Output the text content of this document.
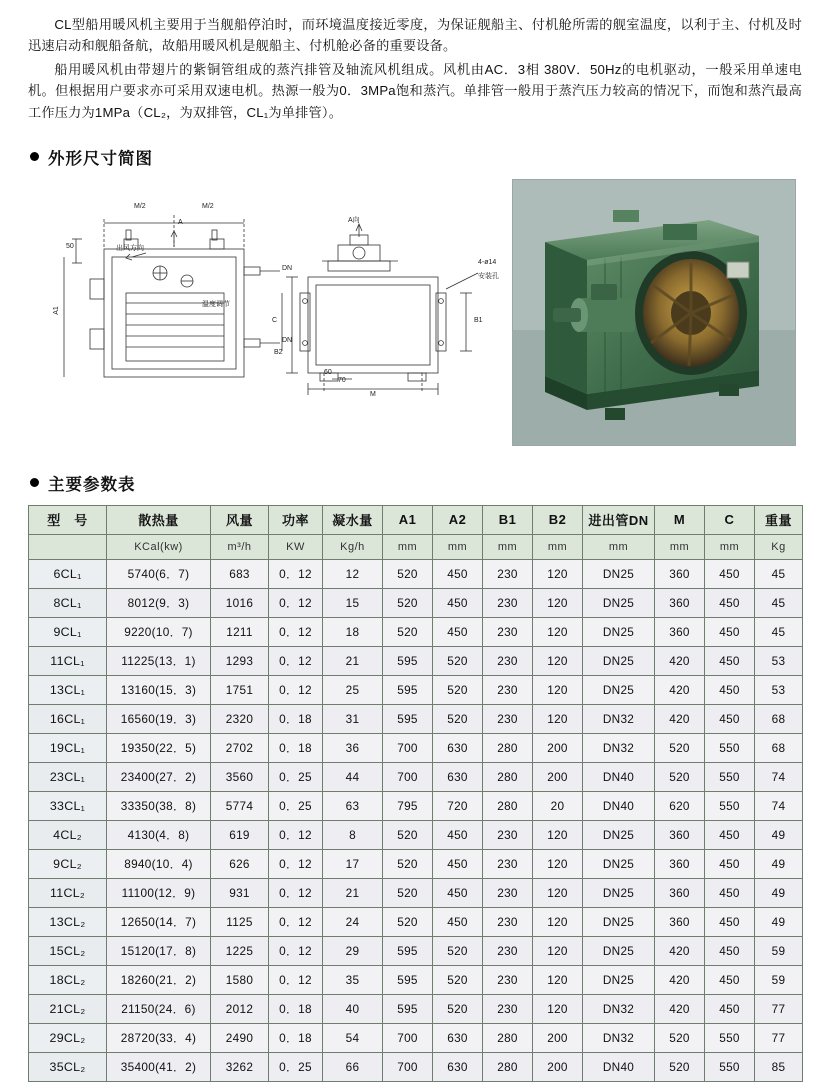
CL型船用暖风机主要用于当舰船停泊时，而环境温度接近零度，为保证舰船主、付机舱所需的舰室温度，以利于主、付机及时迅速启动和舰船备航，故船用暖风机是舰船主、付机舱必备的重要设备。

船用暖风机由带翅片的紫铜管组成的蒸汽排管及轴流风机组成。风机由AC．3相 380V．50Hz的电机驱动，一般采用单速电机。但根据用户要求亦可采用双速电机。热源一般为0．3MPa饱和蒸汽。单排管一般用于蒸汽压力较高的情况下，而饱和蒸汽最高工作压力为1MPa（CL₂，为双排管，CL₁为单排管）。

外形尺寸简图
M/2	M/2
A
出风方向
50
A1
DN
DN
温度调节
A向
4-ø14
安装孔
C
B2
B1
M
60
70
主要参数表
型　号	散热量	风量	功率	凝水量	A1	A2	B1	B2	进出管DN	M	C	重量
	KCal(kw)	m³/h	KW	Kg/h	mm	mm	mm	mm	mm	mm	mm	Kg
6CL₁	5740(6．7)	683	0．12	12	520	450	230	120	DN25	360	450	45
8CL₁	8012(9．3)	1016	0．12	15	520	450	230	120	DN25	360	450	45
9CL₁	9220(10．7)	1211	0．12	18	520	450	230	120	DN25	360	450	45
11CL₁	11225(13．1)	1293	0．12	21	595	520	230	120	DN25	420	450	53
13CL₁	13160(15．3)	1751	0．12	25	595	520	230	120	DN25	420	450	53
16CL₁	16560(19．3)	2320	0．18	31	595	520	230	120	DN32	420	450	68
19CL₁	19350(22．5)	2702	0．18	36	700	630	280	200	DN32	520	550	68
23CL₁	23400(27．2)	3560	0．25	44	700	630	280	200	DN40	520	550	74
33CL₁	33350(38．8)	5774	0．25	63	795	720	280	20	DN40	620	550	74
4CL₂	4130(4．8)	619	0．12	8	520	450	230	120	DN25	360	450	49
9CL₂	8940(10．4)	626	0．12	17	520	450	230	120	DN25	360	450	49
11CL₂	11100(12．9)	931	0．12	21	520	450	230	120	DN25	360	450	49
13CL₂	12650(14．7)	1125	0．12	24	520	450	230	120	DN25	360	450	49
15CL₂	15120(17．8)	1225	0．12	29	595	520	230	120	DN25	420	450	59
18CL₂	18260(21．2)	1580	0．12	35	595	520	230	120	DN25	420	450	59
21CL₂	21150(24．6)	2012	0．18	40	595	520	230	120	DN32	420	450	77
29CL₂	28720(33．4)	2490	0．18	54	700	630	280	200	DN32	520	550	77
35CL₂	35400(41．2)	3262	0．25	66	700	630	280	200	DN40	520	550	85
